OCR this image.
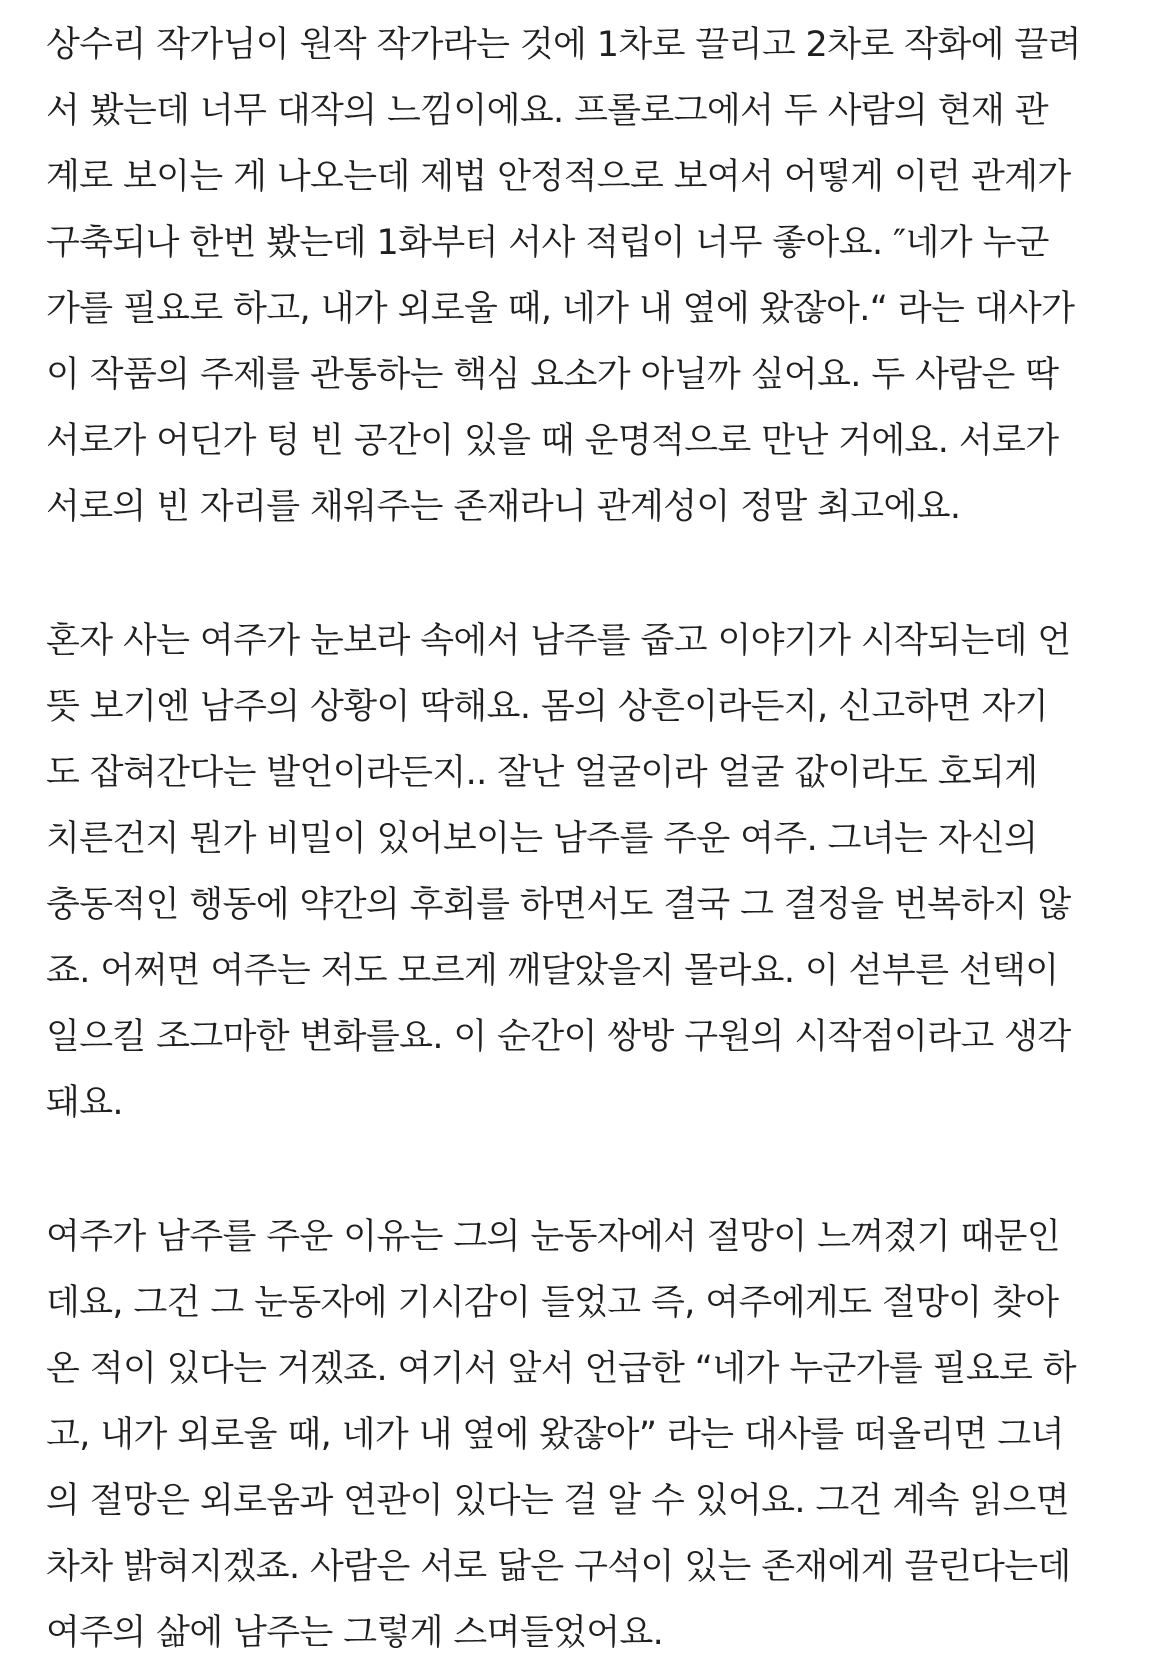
상수리 작가님이 원작 작가라는 것에 1차로 끌리고 2차로 작화에 끌려
서 봤는데 너무 대작의 느낌이에요. 프롤로그에서 두 사람의 현재 관
계로 보이는 게 나오는데 제법 안정적으로 보여서 어떻게 이런 관계가
구축되나 한번 봤는데 1화부터 서사 적립이 너무 좋아요. ″네가 누군
가를 필요로 하고, 내가 외로울 때, 네가 내 옆에 왔잖아.“ 라는 대사가
이 작품의 주제를 관통하는 핵심 요소가 아닐까 싶어요. 두 사람은 딱
서로가 어딘가 텅 빈 공간이 있을 때 운명적으로 만난 거에요. 서로가
서로의 빈 자리를 채워주는 존재라니 관계성이 정말 최고에요.
혼자 사는 여주가 눈보라 속에서 남주를 줍고 이야기가 시작되는데 언
뜻 보기엔 남주의 상황이 딱해요. 몸의 상흔이라든지, 신고하면 자기
도 잡혀간다는 발언이라든지.. 잘난 얼굴이라 얼굴 값이라도 호되게
치른건지 뭔가 비밀이 있어보이는 남주를 주운 여주. 그녀는 자신의
충동적인 행동에 약간의 후회를 하면서도 결국 그 결정을 번복하지 않
죠. 어쩌면 여주는 저도 모르게 깨달았을지 몰라요. 이 섣부른 선택이
일으킬 조그마한 변화를요. 이 순간이 쌍방 구원의 시작점이라고 생각
돼요.
여주가 남주를 주운 이유는 그의 눈동자에서 절망이 느껴졌기 때문인
데요, 그건 그 눈동자에 기시감이 들었고 즉, 여주에게도 절망이 찾아
온 적이 있다는 거겠죠. 여기서 앞서 언급한 “네가 누군가를 필요로 하
고, 내가 외로울 때, 네가 내 옆에 왔잖아” 라는 대사를 떠올리면 그녀
의 절망은 외로움과 연관이 있다는 걸 알 수 있어요. 그건 계속 읽으면
차차 밝혀지겠죠. 사람은 서로 닮은 구석이 있는 존재에게 끌린다는데
여주의 삶에 남주는 그렇게 스며들었어요.
